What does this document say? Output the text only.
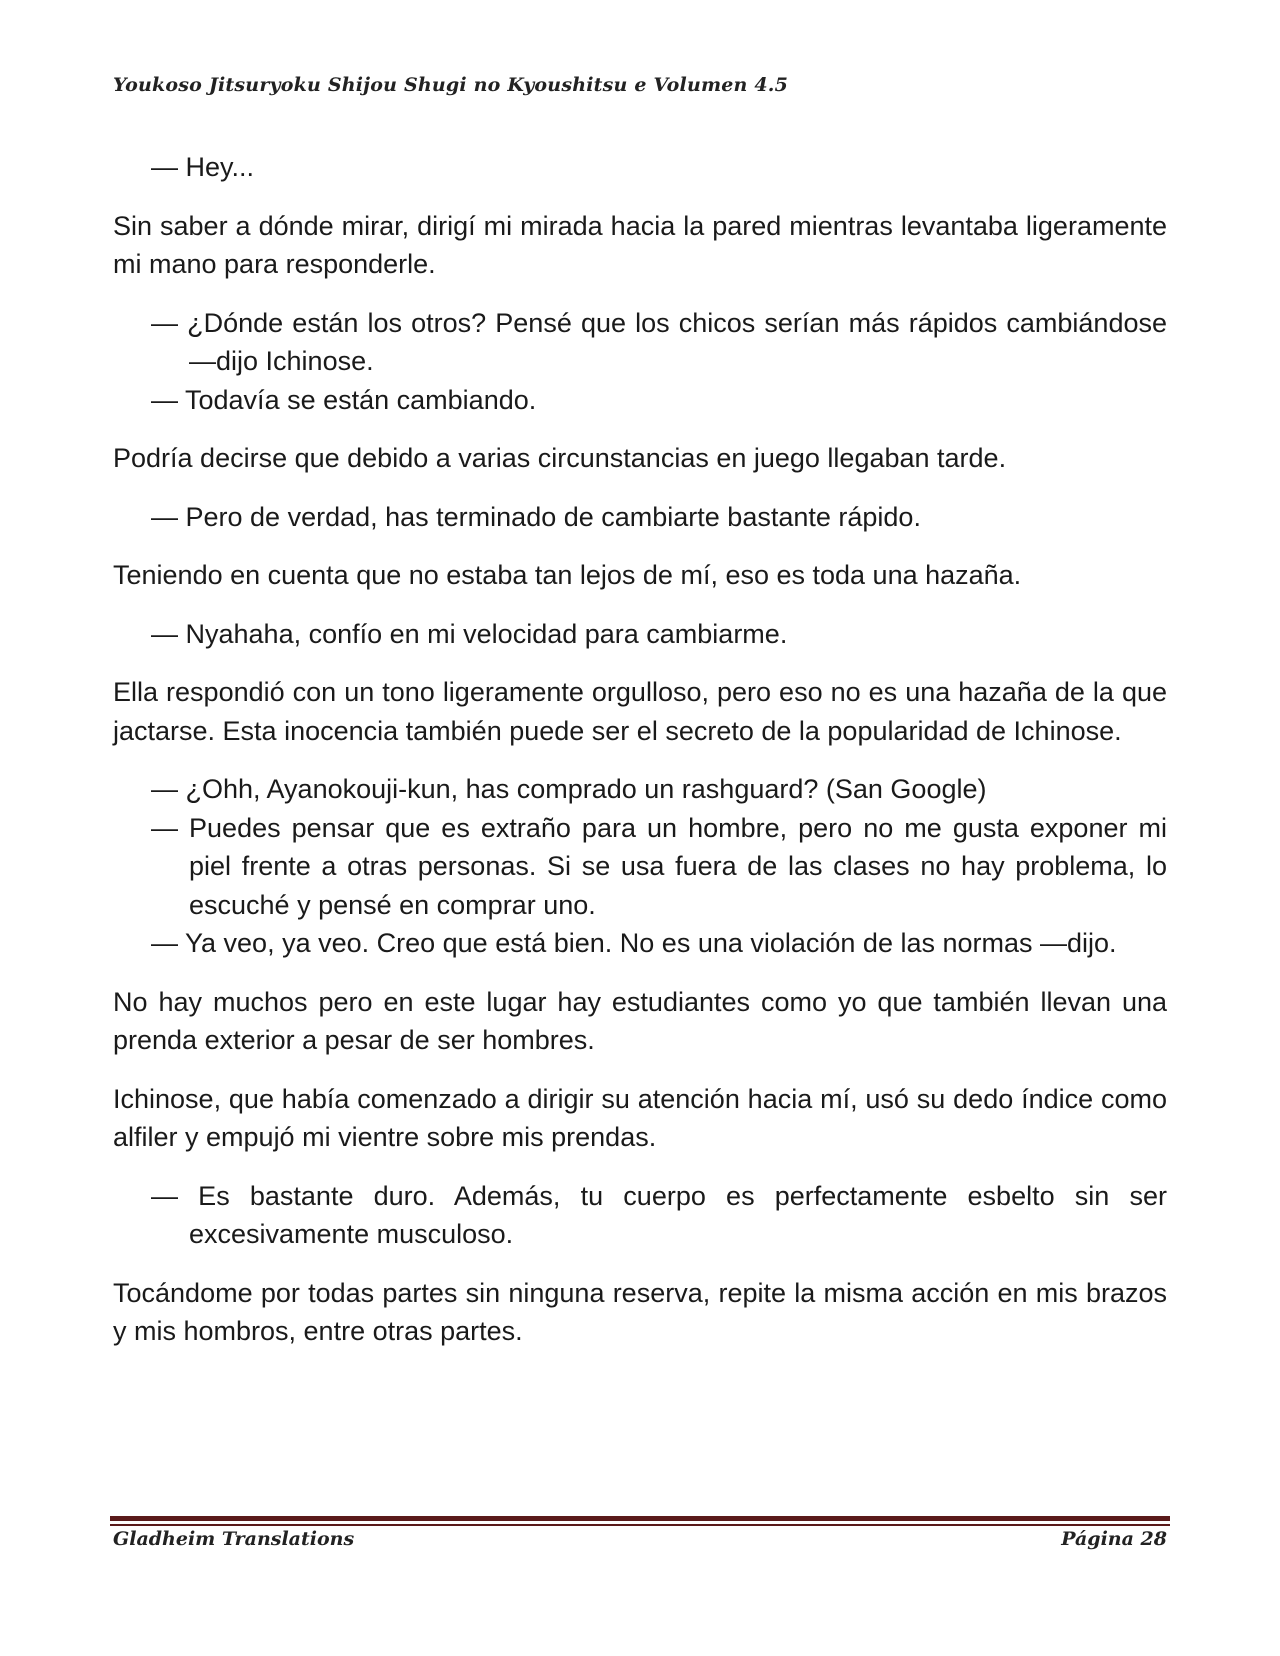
Youkoso Jitsuryoku Shijou Shugi no Kyoushitsu e Volumen 4.5

— Hey...

Sin saber a dónde mirar, dirigí mi mirada hacia la pared mientras levantaba ligeramente mi mano para responderle.

— ¿Dónde están los otros? Pensé que los chicos serían más rápidos cambiándose —dijo Ichinose.

— Todavía se están cambiando.

Podría decirse que debido a varias circunstancias en juego llegaban tarde.

— Pero de verdad, has terminado de cambiarte bastante rápido.

Teniendo en cuenta que no estaba tan lejos de mí, eso es toda una hazaña.

— Nyahaha, confío en mi velocidad para cambiarme.

Ella respondió con un tono ligeramente orgulloso, pero eso no es una hazaña de la que jactarse. Esta inocencia también puede ser el secreto de la popularidad de Ichinose.

— ¿Ohh, Ayanokouji-kun, has comprado un rashguard? (San Google)

— Puedes pensar que es extraño para un hombre, pero no me gusta exponer mi piel frente a otras personas. Si se usa fuera de las clases no hay problema, lo escuché y pensé en comprar uno.

— Ya veo, ya veo. Creo que está bien. No es una violación de las normas —dijo.

No hay muchos pero en este lugar hay estudiantes como yo que también llevan una prenda exterior a pesar de ser hombres.

Ichinose, que había comenzado a dirigir su atención hacia mí, usó su dedo índice como alfiler y empujó mi vientre sobre mis prendas.

— Es bastante duro. Además, tu cuerpo es perfectamente esbelto sin ser excesivamente musculoso.

Tocándome por todas partes sin ninguna reserva, repite la misma acción en mis brazos y mis hombros, entre otras partes.

Gladheim Translations	Página 28
